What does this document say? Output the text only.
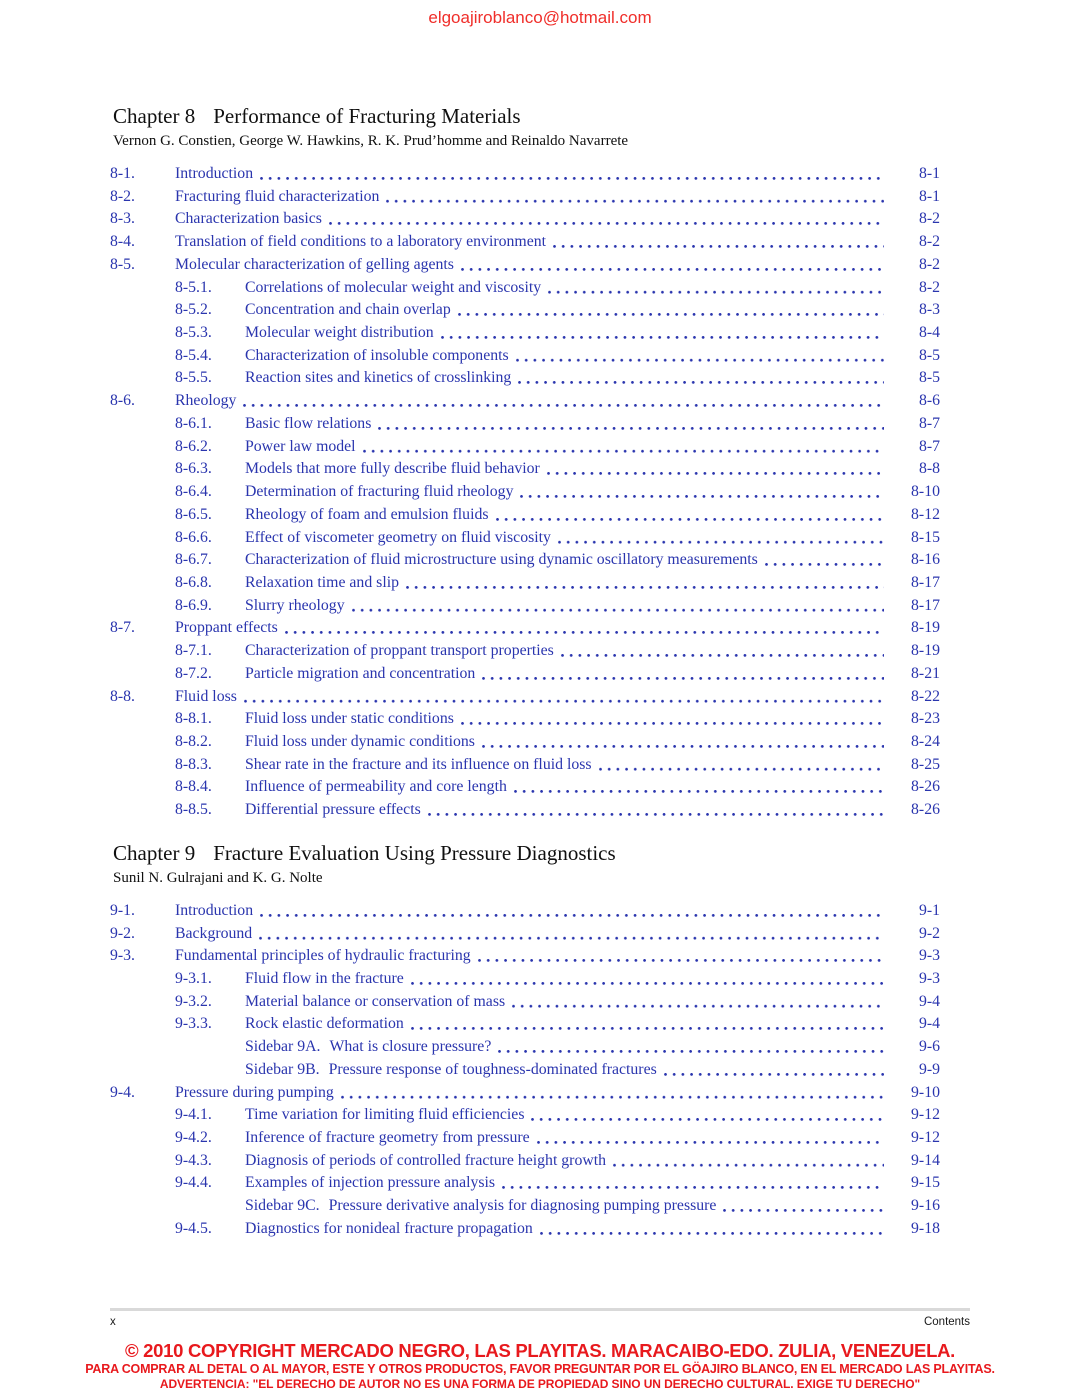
elgoajiroblanco@hotmail.com
Chapter 8 Performance of Fracturing Materials
Vernon G. Constien, George W. Hawkins, R. K. Prud’homme and Reinaldo Navarrete
8-1.	Introduction	8-1
8-2.	Fracturing fluid characterization	8-1
8-3.	Characterization basics	8-2
8-4.	Translation of field conditions to a laboratory environment	8-2
8-5.	Molecular characterization of gelling agents	8-2
8-5.1.	Correlations of molecular weight and viscosity	8-2
8-5.2.	Concentration and chain overlap	8-3
8-5.3.	Molecular weight distribution	8-4
8-5.4.	Characterization of insoluble components	8-5
8-5.5.	Reaction sites and kinetics of crosslinking	8-5
8-6.	Rheology	8-6
8-6.1.	Basic flow relations	8-7
8-6.2.	Power law model	8-7
8-6.3.	Models that more fully describe fluid behavior	8-8
8-6.4.	Determination of fracturing fluid rheology	8-10
8-6.5.	Rheology of foam and emulsion fluids	8-12
8-6.6.	Effect of viscometer geometry on fluid viscosity	8-15
8-6.7.	Characterization of fluid microstructure using dynamic oscillatory measurements	8-16
8-6.8.	Relaxation time and slip	8-17
8-6.9.	Slurry rheology	8-17
8-7.	Proppant effects	8-19
8-7.1.	Characterization of proppant transport properties	8-19
8-7.2.	Particle migration and concentration	8-21
8-8.	Fluid loss	8-22
8-8.1.	Fluid loss under static conditions	8-23
8-8.2.	Fluid loss under dynamic conditions	8-24
8-8.3.	Shear rate in the fracture and its influence on fluid loss	8-25
8-8.4.	Influence of permeability and core length	8-26
8-8.5.	Differential pressure effects	8-26
Chapter 9 Fracture Evaluation Using Pressure Diagnostics
Sunil N. Gulrajani and K. G. Nolte
9-1.	Introduction	9-1
9-2.	Background	9-2
9-3.	Fundamental principles of hydraulic fracturing	9-3
9-3.1.	Fluid flow in the fracture	9-3
9-3.2.	Material balance or conservation of mass	9-4
9-3.3.	Rock elastic deformation	9-4
Sidebar 9A. What is closure pressure?	9-6
Sidebar 9B. Pressure response of toughness-dominated fractures	9-9
9-4.	Pressure during pumping	9-10
9-4.1.	Time variation for limiting fluid efficiencies	9-12
9-4.2.	Inference of fracture geometry from pressure	9-12
9-4.3.	Diagnosis of periods of controlled fracture height growth	9-14
9-4.4.	Examples of injection pressure analysis	9-15
Sidebar 9C. Pressure derivative analysis for diagnosing pumping pressure	9-16
9-4.5.	Diagnostics for nonideal fracture propagation	9-18
x	Contents
© 2010 COPYRIGHT MERCADO NEGRO, LAS PLAYITAS. MARACAIBO-EDO. ZULIA, VENEZUELA.
PARA COMPRAR AL DETAL O AL MAYOR, ESTE Y OTROS PRODUCTOS, FAVOR PREGUNTAR POR EL GÖAJIRO BLANCO, EN EL MERCADO LAS PLAYITAS.
ADVERTENCIA: "EL DERECHO DE AUTOR NO ES UNA FORMA DE PROPIEDAD SINO UN DERECHO CULTURAL. EXIGE TU DERECHO"
